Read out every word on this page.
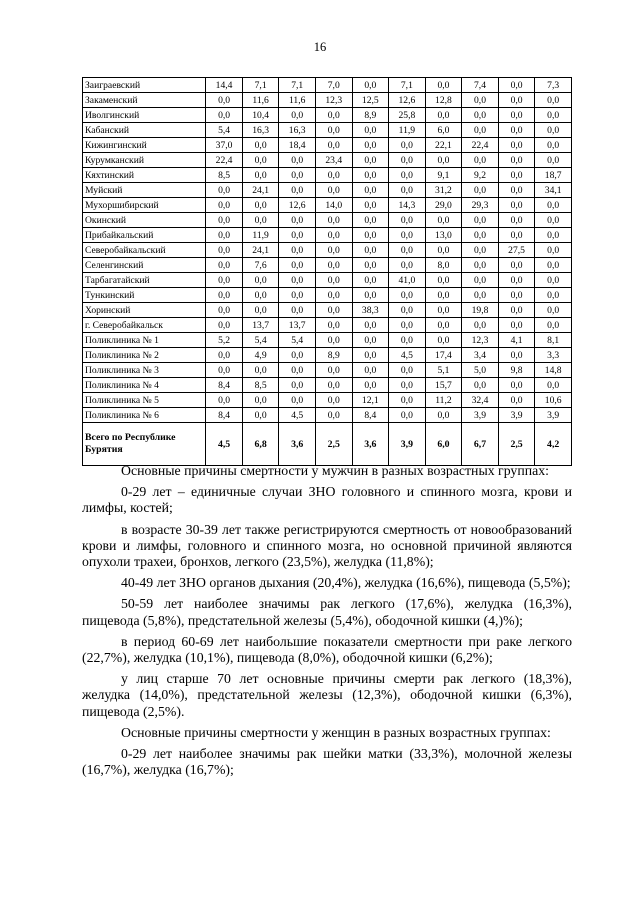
16
Заиграевский	14,4	7,1	7,1	7,0	0,0	7,1	0,0	7,4	0,0	7,3
Закаменский	0,0	11,6	11,6	12,3	12,5	12,6	12,8	0,0	0,0	0,0
Иволгинский	0,0	10,4	0,0	0,0	8,9	25,8	0,0	0,0	0,0	0,0
Кабанский	5,4	16,3	16,3	0,0	0,0	11,9	6,0	0,0	0,0	0,0
Кижингинский	37,0	0,0	18,4	0,0	0,0	0,0	22,1	22,4	0,0	0,0
Курумканский	22,4	0,0	0,0	23,4	0,0	0,0	0,0	0,0	0,0	0,0
Кяхтинский	8,5	0,0	0,0	0,0	0,0	0,0	9,1	9,2	0,0	18,7
Муйский	0,0	24,1	0,0	0,0	0,0	0,0	31,2	0,0	0,0	34,1
Мухоршибирский	0,0	0,0	12,6	14,0	0,0	14,3	29,0	29,3	0,0	0,0
Окинский	0,0	0,0	0,0	0,0	0,0	0,0	0,0	0,0	0,0	0,0
Прибайкальский	0,0	11,9	0,0	0,0	0,0	0,0	13,0	0,0	0,0	0,0
Северобайкальский	0,0	24,1	0,0	0,0	0,0	0,0	0,0	0,0	27,5	0,0
Селенгинский	0,0	7,6	0,0	0,0	0,0	0,0	8,0	0,0	0,0	0,0
Тарбагатайский	0,0	0,0	0,0	0,0	0,0	41,0	0,0	0,0	0,0	0,0
Тункинский	0,0	0,0	0,0	0,0	0,0	0,0	0,0	0,0	0,0	0,0
Хоринский	0,0	0,0	0,0	0,0	38,3	0,0	0,0	19,8	0,0	0,0
г. Северобайкальск	0,0	13,7	13,7	0,0	0,0	0,0	0,0	0,0	0,0	0,0
Поликлиника № 1	5,2	5,4	5,4	0,0	0,0	0,0	0,0	12,3	4,1	8,1
Поликлиника № 2	0,0	4,9	0,0	8,9	0,0	4,5	17,4	3,4	0,0	3,3
Поликлиника № 3	0,0	0,0	0,0	0,0	0,0	0,0	5,1	5,0	9,8	14,8
Поликлиника № 4	8,4	8,5	0,0	0,0	0,0	0,0	15,7	0,0	0,0	0,0
Поликлиника № 5	0,0	0,0	0,0	0,0	12,1	0,0	11,2	32,4	0,0	10,6
Поликлиника № 6	8,4	0,0	4,5	0,0	8,4	0,0	0,0	3,9	3,9	3,9
Всего по Республике Бурятия	4,5	6,8	3,6	2,5	3,6	3,9	6,0	6,7	2,5	4,2

Основные причины смертности у мужчин в разных возрастных группах:

0-29 лет – единичные случаи ЗНО головного и спинного мозга, крови и лимфы, костей;

в возрасте 30-39 лет также регистрируются смертность от новообразований крови и лимфы, головного и спинного мозга, но основной причиной являются опухоли трахеи, бронхов, легкого (23,5%), желудка (11,8%);

40-49 лет ЗНО органов дыхания (20,4%), желудка (16,6%), пищевода (5,5%);

50-59 лет наиболее значимы рак легкого (17,6%), желудка (16,3%), пищевода (5,8%), предстательной железы (5,4%), ободочной кишки (4,)%);

в период 60-69 лет наибольшие показатели смертности при раке легкого (22,7%), желудка (10,1%), пищевода (8,0%), ободочной кишки (6,2%);

у лиц старше 70 лет основные причины смерти рак легкого (18,3%), желудка (14,0%), предстательной железы (12,3%), ободочной кишки (6,3%), пищевода (2,5%).

Основные причины смертности у женщин в разных возрастных группах:

0-29 лет наиболее значимы рак шейки матки (33,3%), молочной железы (16,7%), желудка (16,7%);
